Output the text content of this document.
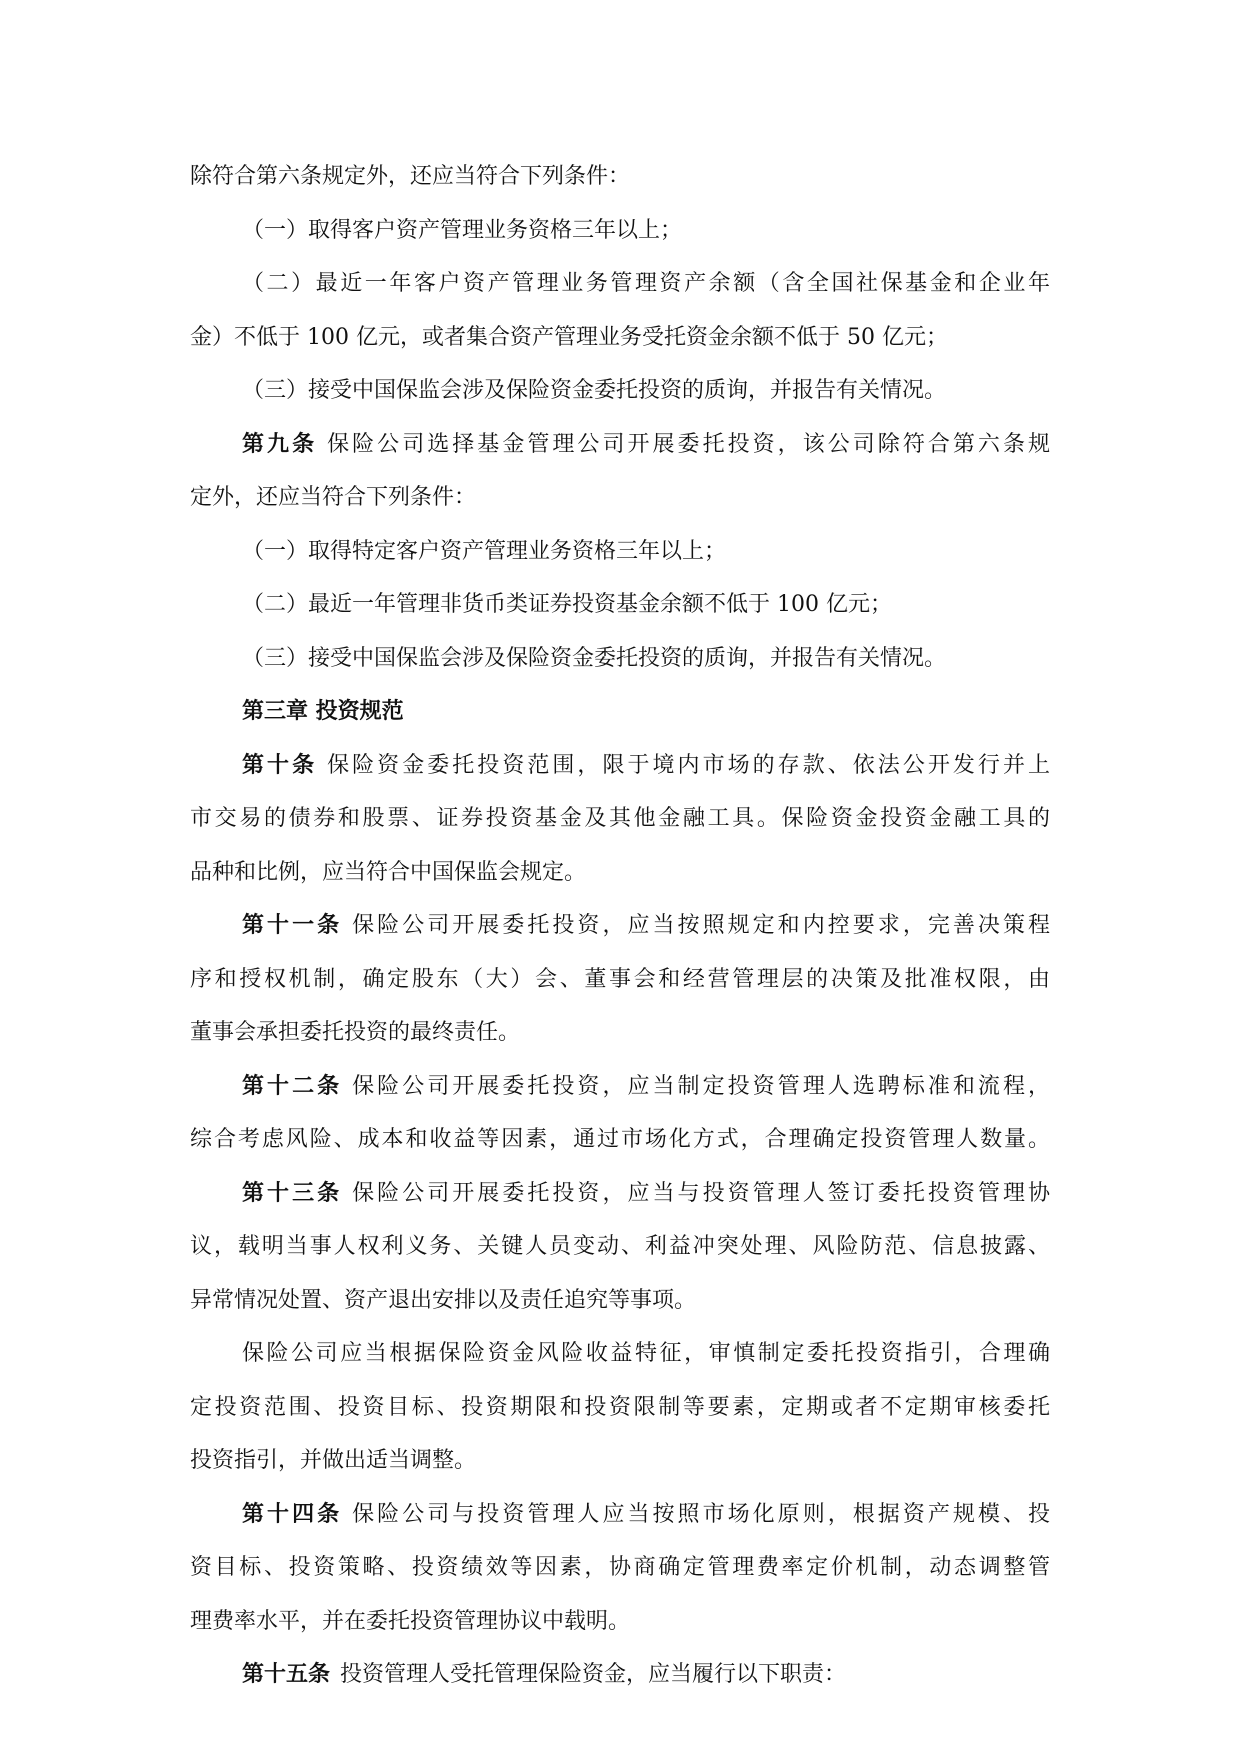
除符合第六条规定外，还应当符合下列条件：
（一）取得客户资产管理业务资格三年以上；
（二）最近一年客户资产管理业务管理资产余额（含全国社保基金和企业年
金）不低于 100 亿元，或者集合资产管理业务受托资金余额不低于 50 亿元；
（三）接受中国保监会涉及保险资金委托投资的质询，并报告有关情况。
第九条 保险公司选择基金管理公司开展委托投资，该公司除符合第六条规
定外，还应当符合下列条件：
（一）取得特定客户资产管理业务资格三年以上；
（二）最近一年管理非货币类证券投资基金余额不低于 100 亿元；
（三）接受中国保监会涉及保险资金委托投资的质询，并报告有关情况。
第三章 投资规范
第十条 保险资金委托投资范围，限于境内市场的存款、依法公开发行并上
市交易的债券和股票、证券投资基金及其他金融工具。保险资金投资金融工具的
品种和比例，应当符合中国保监会规定。
第十一条 保险公司开展委托投资，应当按照规定和内控要求，完善决策程
序和授权机制，确定股东（大）会、董事会和经营管理层的决策及批准权限，由
董事会承担委托投资的最终责任。
第十二条 保险公司开展委托投资，应当制定投资管理人选聘标准和流程，
综合考虑风险、成本和收益等因素，通过市场化方式，合理确定投资管理人数量。
第十三条 保险公司开展委托投资，应当与投资管理人签订委托投资管理协
议，载明当事人权利义务、关键人员变动、利益冲突处理、风险防范、信息披露、
异常情况处置、资产退出安排以及责任追究等事项。
保险公司应当根据保险资金风险收益特征，审慎制定委托投资指引，合理确
定投资范围、投资目标、投资期限和投资限制等要素，定期或者不定期审核委托
投资指引，并做出适当调整。
第十四条 保险公司与投资管理人应当按照市场化原则，根据资产规模、投
资目标、投资策略、投资绩效等因素，协商确定管理费率定价机制，动态调整管
理费率水平，并在委托投资管理协议中载明。
第十五条 投资管理人受托管理保险资金，应当履行以下职责：
